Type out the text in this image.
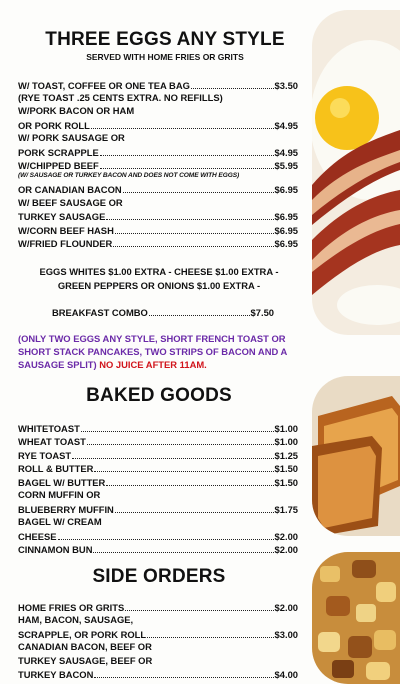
THREE EGGS ANY STYLE
SERVED WITH HOME FRIES OR GRITS
W/ TOAST, COFFEE OR ONE TEA BAG	$3.50
(RYE TOAST .25 CENTS EXTRA. NO REFILLS)
W/PORK BACON OR HAM
OR PORK ROLL	$4.95
W/ PORK SAUSAGE OR
PORK SCRAPPLE	$4.95
W/CHIPPED BEEF	$5.95
(W/ SAUSAGE OR TURKEY BACON AND DOES NOT COME WITH EGGS)
OR CANADIAN BACON	$6.95
W/ BEEF SAUSAGE OR
TURKEY SAUSAGE	$6.95
W/CORN BEEF HASH	$6.95
W/FRIED FLOUNDER	$6.95
EGGS WHITES $1.00 EXTRA - CHEESE $1.00 EXTRA -
GREEN PEPPERS OR ONIONS $1.00 EXTRA -
BREAKFAST COMBO	$7.50
(ONLY TWO EGGS ANY STYLE, SHORT FRENCH TOAST OR SHORT STACK PANCAKES, TWO STRIPS OF BACON AND A SAUSAGE SPLIT) NO JUICE AFTER 11AM.
BAKED GOODS
WHITETOAST	$1.00
WHEAT TOAST	$1.00
RYE TOAST	$1.25
ROLL & BUTTER	$1.50
BAGEL W/ BUTTER	$1.50
CORN MUFFIN OR
BLUEBERRY MUFFIN	$1.75
BAGEL W/ CREAM
CHEESE	$2.00
CINNAMON BUN	$2.00
SIDE ORDERS
HOME FRIES OR GRITS	$2.00
HAM, BACON, SAUSAGE,
SCRAPPLE, OR PORK ROLL	$3.00
CANADIAN BACON, BEEF OR
TURKEY SAUSAGE, BEEF OR
TURKEY BACON	$4.00
